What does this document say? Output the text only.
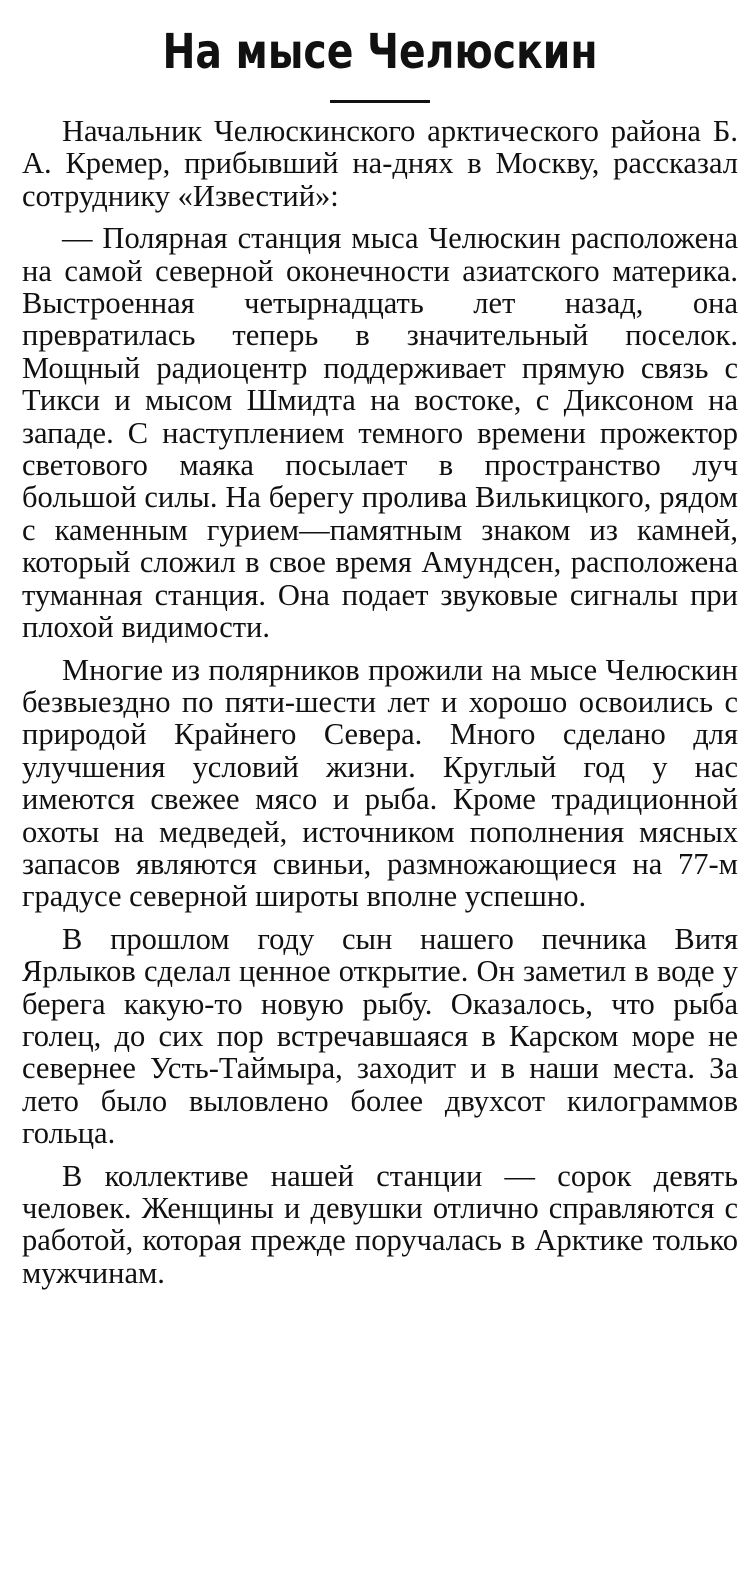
На мысе Челюскин

Начальник Челюскинского арктического района Б. А. Кремер, прибывший на-днях в Москву, рассказал сотруднику «Известий»:

— Полярная станция мыса Челюскин расположена на самой северной оконечности азиатского материка. Выстроенная четырнадцать лет назад, она превратилась теперь в значительный поселок. Мощный радиоцентр поддерживает прямую связь с Тикси и мысом Шмидта на востоке, с Диксоном на западе. С наступлением темного времени прожектор светового маяка посылает в пространство луч большой силы. На берегу пролива Вилькицкого, рядом с каменным гурием—памятным знаком из камней, который сложил в свое время Амундсен, расположена туманная станция. Она подает звуковые сигналы при плохой видимости.

Многие из полярников прожили на мысе Челюскин безвыездно по пяти-шести лет и хорошо освоились с природой Крайнего Севера. Много сделано для улучшения условий жизни. Круглый год у нас имеются свежее мясо и рыба. Кроме традиционной охоты на медведей, источником пополнения мясных запасов являются свиньи, размножающиеся на 77-м градусе северной широты вполне успешно.

В прошлом году сын нашего печника Витя Ярлыков сделал ценное открытие. Он заметил в воде у берега какую-то новую рыбу. Оказалось, что рыба голец, до сих пор встречавшаяся в Карском море не севернее Усть-Таймыра, заходит и в наши места. За лето было выловлено более двухсот килограммов гольца.

В коллективе нашей станции — сорок девять человек. Женщины и девушки отлично справляются с работой, которая прежде поручалась в Арктике только мужчинам.
